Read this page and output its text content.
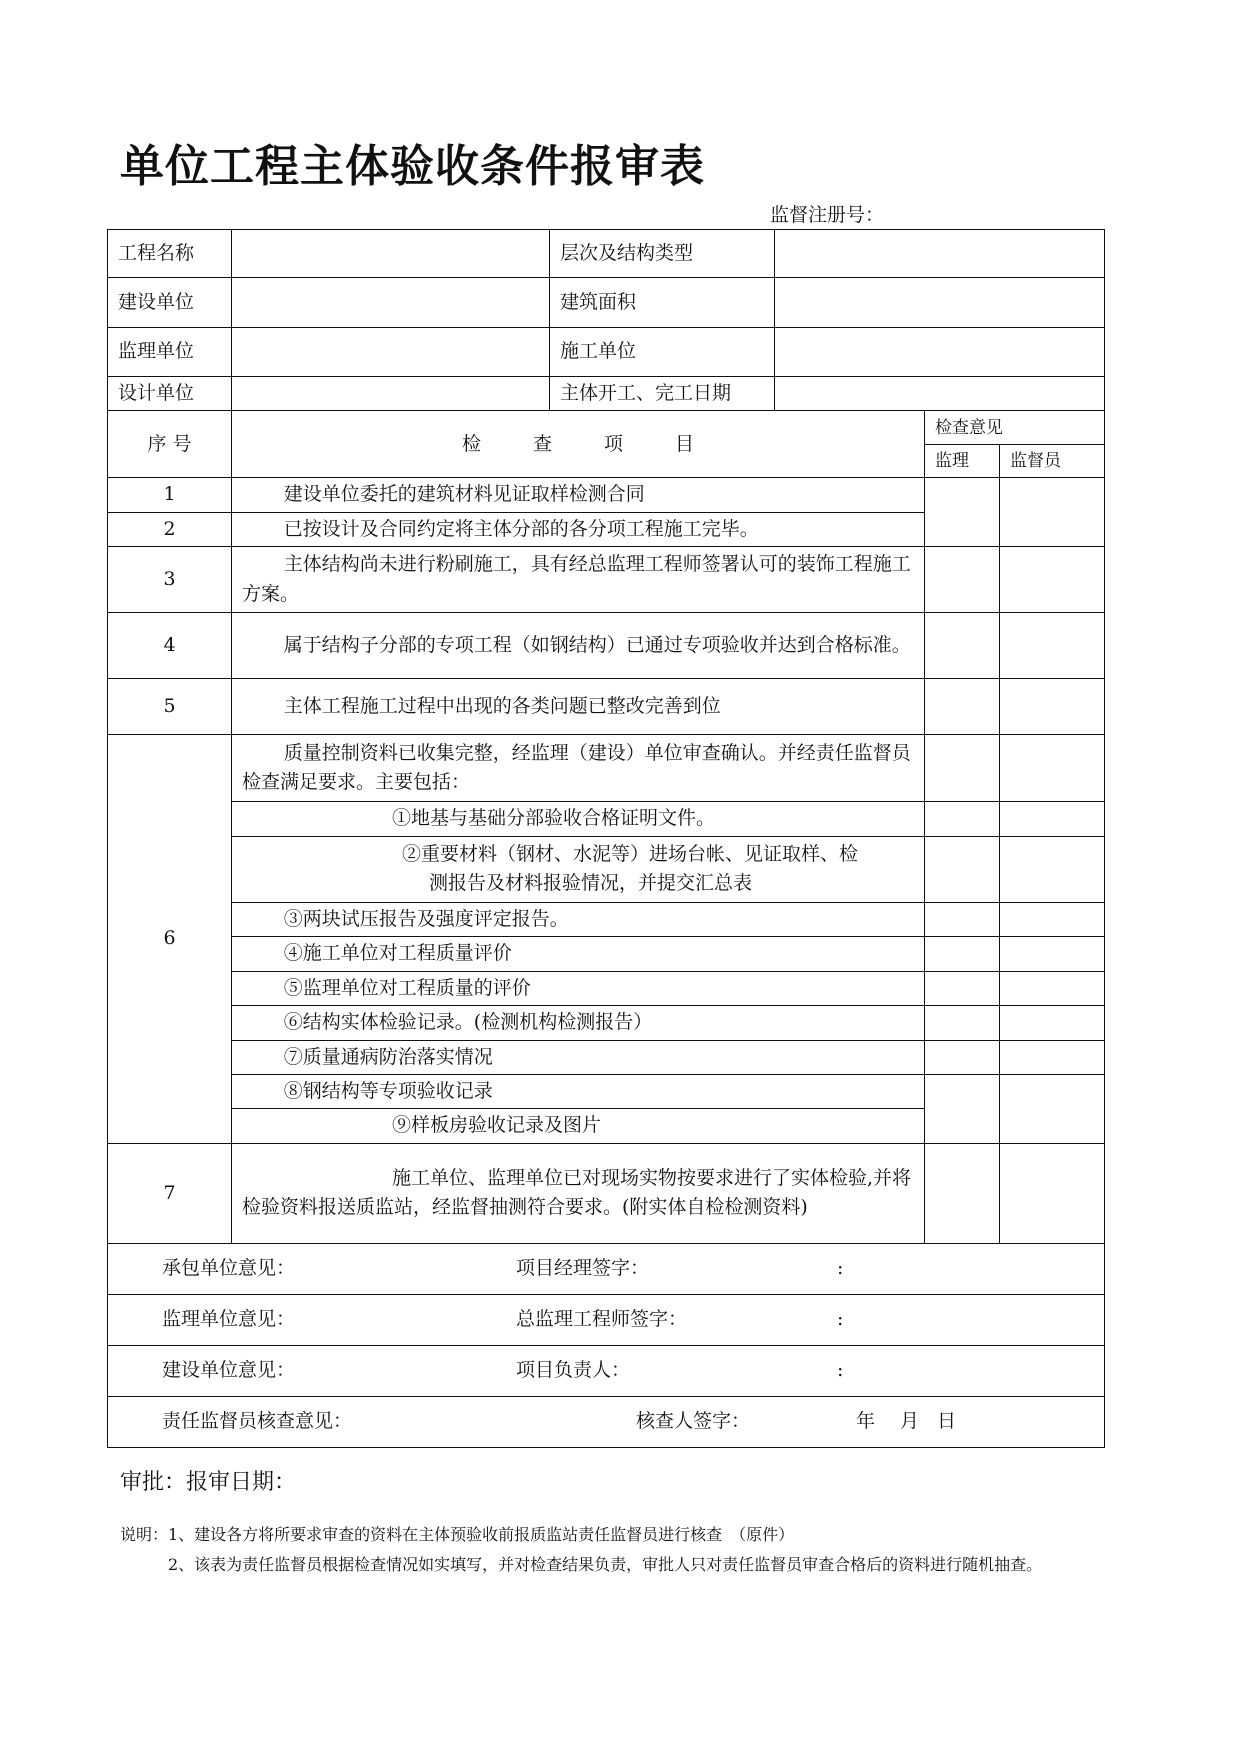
单位工程主体验收条件报审表
监督注册号：
工程名称		层次及结构类型			
建设单位		建筑面积			
监理单位		施工单位			
设计单位		主体开工、完工日期			
序 号	检 查 项 目			检查意见	
				监理	监督员
1	建设单位委托的建筑材料见证取样检测合同				
2	已按设计及合同约定将主体分部的各分项工程施工完毕。				
3	主体结构尚未进行粉刷施工，具有经总监理工程师签署认可的装饰工程施工方案。				
4	属于结构子分部的专项工程（如钢结构）已通过专项验收并达到合格标准。				
5	主体工程施工过程中出现的各类问题已整改完善到位				
6	质量控制资料已收集完整，经监理（建设）单位审查确认。并经责任监督员检查满足要求。主要包括：				
	①地基与基础分部验收合格证明文件。				

	②重要材料（钢材、水泥等）进场台帐、见证取样、检
测报告及材料报验情况，并提交汇总表				

	③两块试压报告及强度评定报告。				
	④施工单位对工程质量评价				
	⑤监理单位对工程质量的评价				
	⑥结构实体检验记录。(检测机构检测报告）				
	⑦质量通病防治落实情况				
	⑧钢结构等专项验收记录				
	⑨样板房验收记录及图片				
7	施工单位、监理单位已对现场实物按要求进行了实体检验,并将检验资料报送质监站，经监督抽测符合要求。(附实体自检检测资料)				

承包单位意见： 项目经理签字： :					
监理单位意见： 总监理工程师签字： :					
建设单位意见： 项目负责人： :					
责任监督员核查意见： 核查人签字： 年 月 日					
审批：报审日期：
说明：1、建设各方将所要求审查的资料在主体预验收前报质监站责任监督员进行核查　（原件）
2、该表为责任监督员根据检查情况如实填写，并对检查结果负责，审批人只对责任监督员审查合格后的资料进行随机抽查。
